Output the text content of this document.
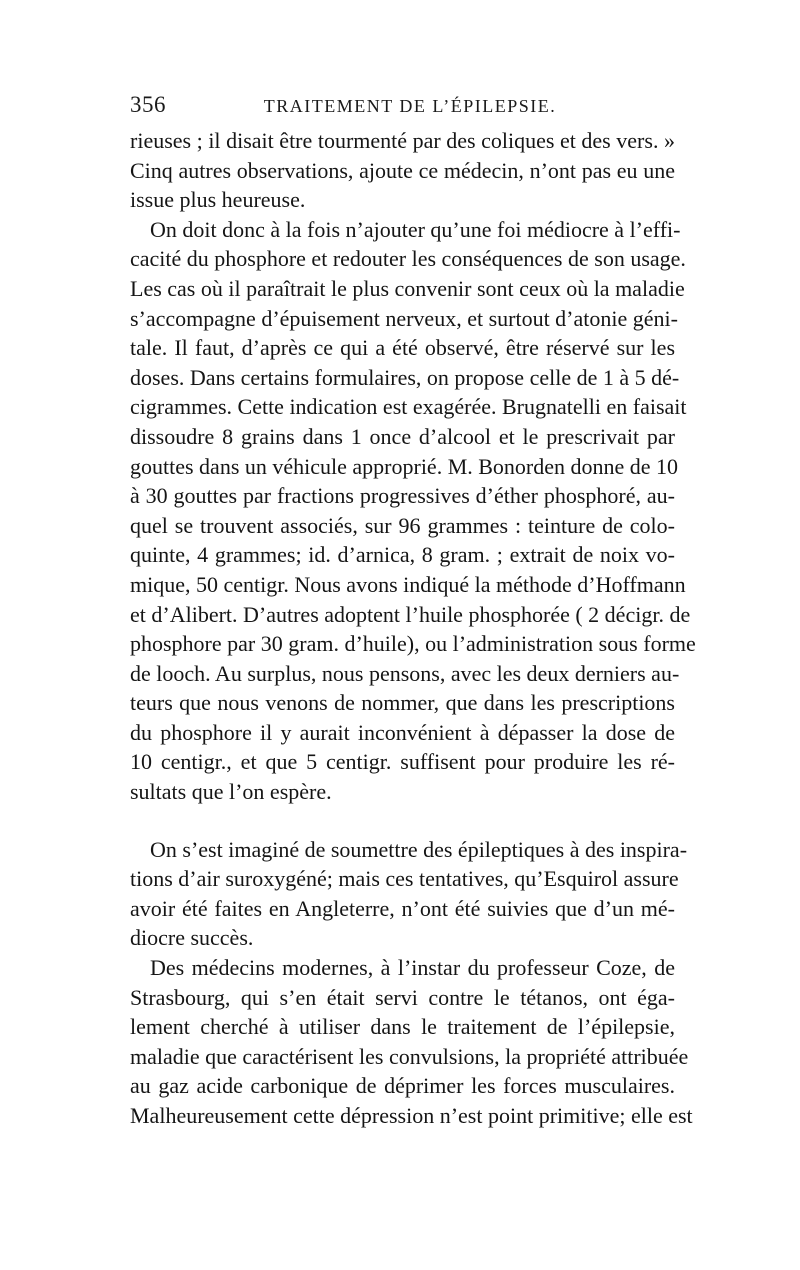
356	TRAITEMENT DE L’ÉPILEPSIE.
rieuses ; il disait être tourmenté par des coliques et des vers. »
Cinq autres observations, ajoute ce médecin, n’ont pas eu une
issue plus heureuse.
On doit donc à la fois n’ajouter qu’une foi médiocre à l’effi-
cacité du phosphore et redouter les conséquences de son usage.
Les cas où il paraîtrait le plus convenir sont ceux où la maladie
s’accompagne d’épuisement nerveux, et surtout d’atonie géni-
tale. Il faut, d’après ce qui a été observé, être réservé sur les
doses. Dans certains formulaires, on propose celle de 1 à 5 dé-
cigrammes. Cette indication est exagérée. Brugnatelli en faisait
dissoudre 8 grains dans 1 once d’alcool et le prescrivait par
gouttes dans un véhicule approprié. M. Bonorden donne de 10
à 30 gouttes par fractions progressives d’éther phosphoré, au-
quel se trouvent associés, sur 96 grammes : teinture de colo-
quinte, 4 grammes; id. d’arnica, 8 gram. ; extrait de noix vo-
mique, 50 centigr. Nous avons indiqué la méthode d’Hoffmann
et d’Alibert. D’autres adoptent l’huile phosphorée ( 2 décigr. de
phosphore par 30 gram. d’huile), ou l’administration sous forme
de looch. Au surplus, nous pensons, avec les deux derniers au-
teurs que nous venons de nommer, que dans les prescriptions
du phosphore il y aurait inconvénient à dépasser la dose de
10 centigr., et que 5 centigr. suffisent pour produire les ré-
sultats que l’on espère.
On s’est imaginé de soumettre des épileptiques à des inspira-
tions d’air suroxygéné; mais ces tentatives, qu’Esquirol assure
avoir été faites en Angleterre, n’ont été suivies que d’un mé-
diocre succès.
Des médecins modernes, à l’instar du professeur Coze, de
Strasbourg, qui s’en était servi contre le tétanos, ont éga-
lement cherché à utiliser dans le traitement de l’épilepsie,
maladie que caractérisent les convulsions, la propriété attribuée
au gaz acide carbonique de déprimer les forces musculaires.
Malheureusement cette dépression n’est point primitive; elle est
